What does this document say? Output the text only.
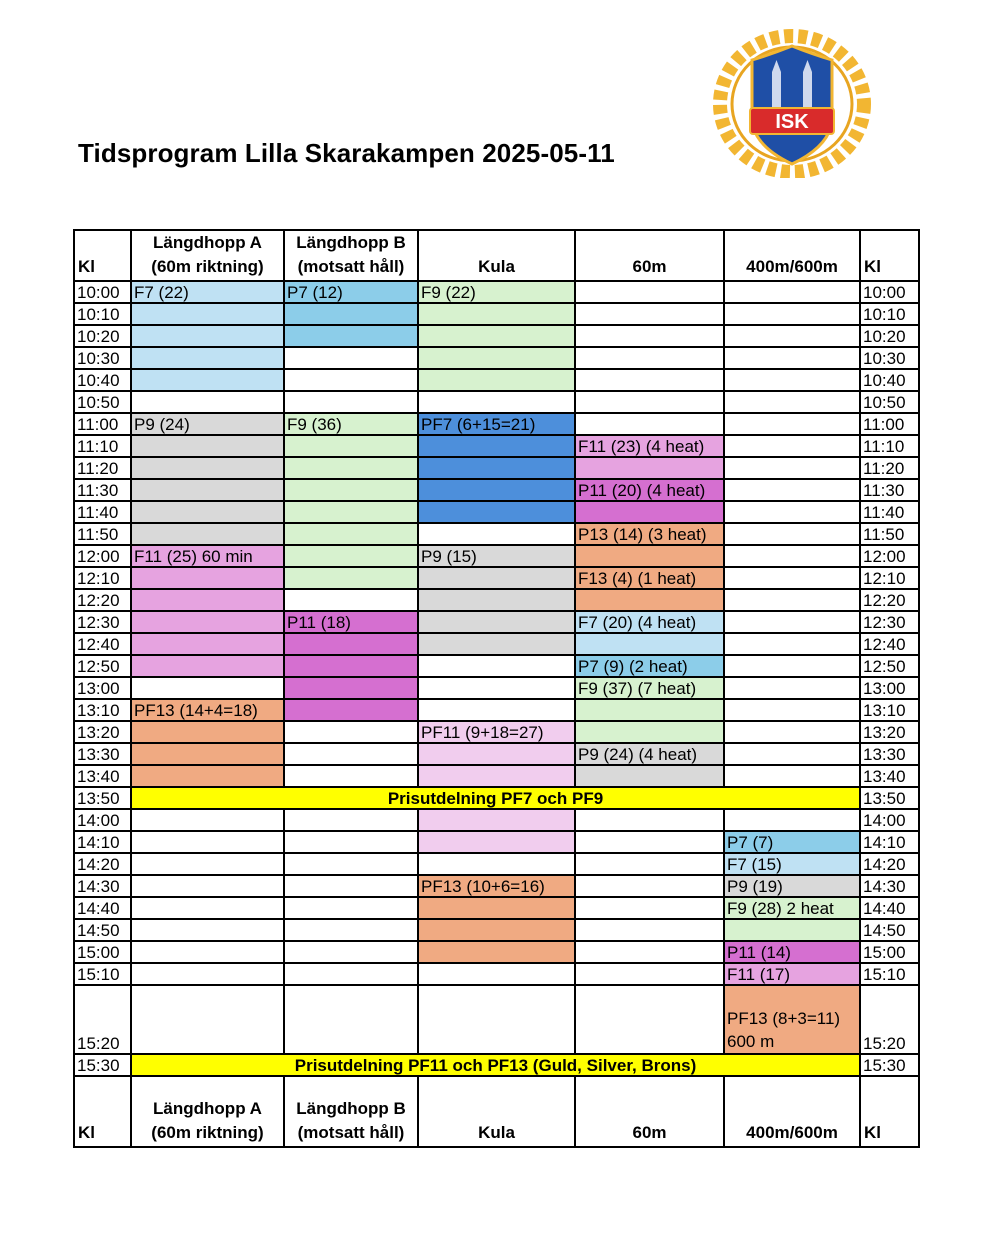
Tidsprogram Lilla Skarakampen 2025-05-11
ISK
Kl	Längdhopp A (60m riktning)	Längdhopp B (motsatt håll)	Kula	60m	400m/600m	Kl
10:00	F7 (22)	P7 (12)	F9 (22)			10:00
10:10						10:10
10:20						10:20
10:30						10:30
10:40						10:40
10:50						10:50
11:00	P9 (24)	F9 (36)	PF7 (6+15=21)			11:00
11:10				F11 (23) (4 heat)		11:10
11:20						11:20
11:30				P11 (20) (4 heat)		11:30
11:40						11:40
11:50				P13 (14) (3 heat)		11:50
12:00	F11 (25) 60 min		P9 (15)			12:00
12:10				F13 (4) (1 heat)		12:10
12:20						12:20
12:30		P11 (18)		F7 (20) (4 heat)		12:30
12:40						12:40
12:50				P7 (9) (2 heat)		12:50
13:00				F9 (37) (7 heat)		13:00
13:10	PF13 (14+4=18)					13:10
13:20			PF11 (9+18=27)			13:20
13:30				P9 (24) (4 heat)		13:30
13:40						13:40
13:50	Prisutdelning PF7 och PF9					13:50
14:00						14:00
14:10					P7 (7)	14:10
14:20					F7 (15)	14:20
14:30			PF13 (10+6=16)		P9 (19)	14:30
14:40					F9 (28) 2 heat	14:40
14:50						14:50
15:00					P11 (14)	15:00
15:10					F11 (17)	15:10
15:20					PF13 (8+3=11) 600 m	15:20
15:30	Prisutdelning PF11 och PF13 (Guld, Silver, Brons)					15:30
Kl	Längdhopp A (60m riktning)	Längdhopp B (motsatt håll)	Kula	60m	400m/600m	Kl
